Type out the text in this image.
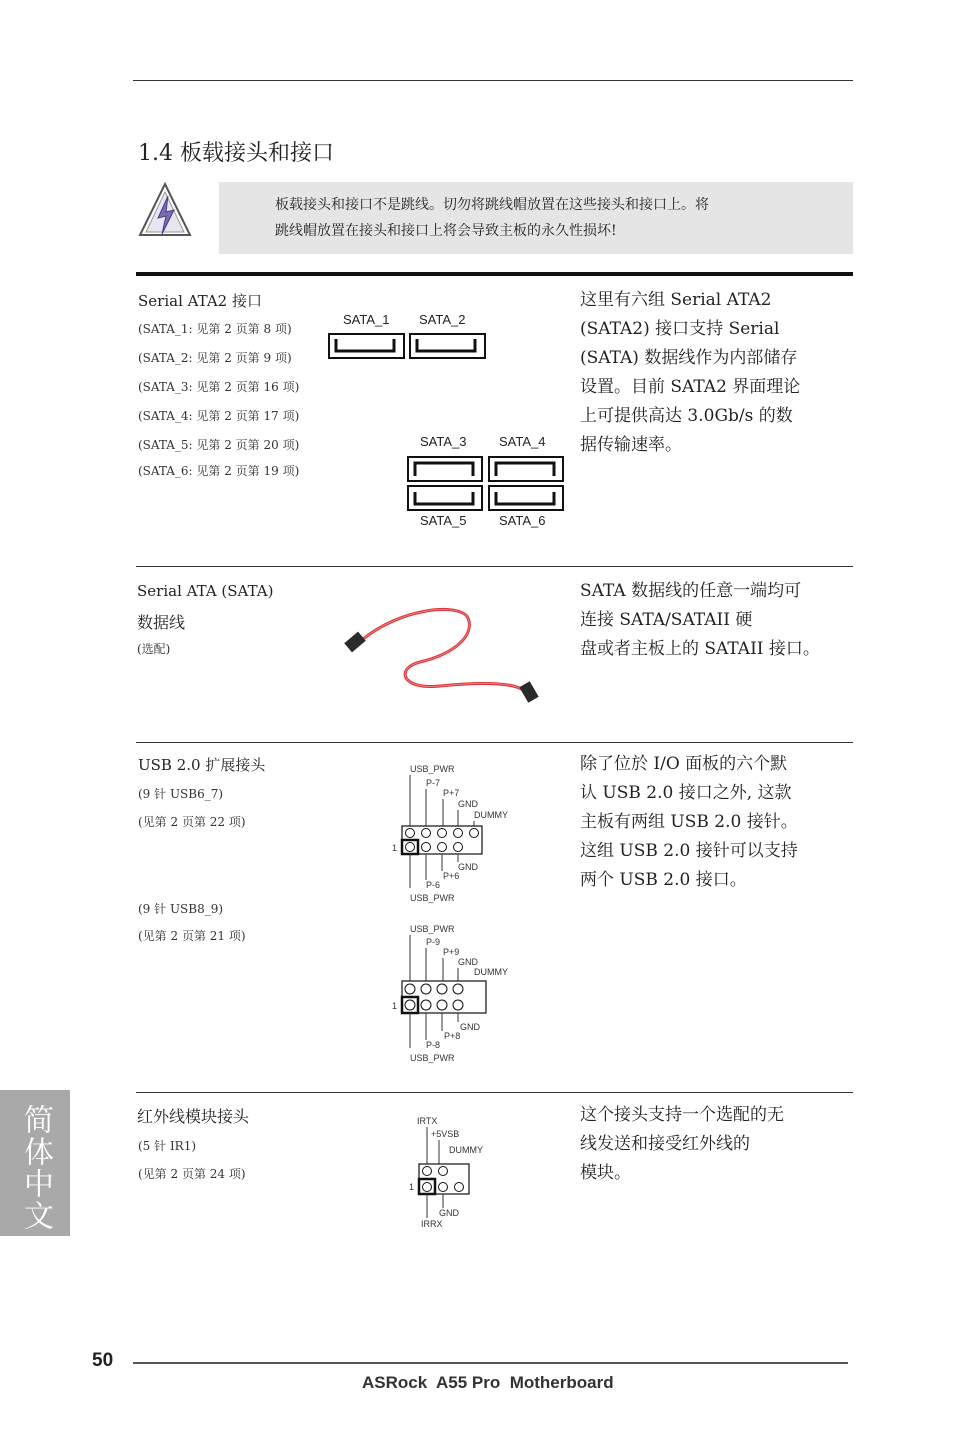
1.4 板载接头和接口
板载接头和接口不是跳线。切勿将跳线帽放置在这些接头和接口上。将
跳线帽放置在接头和接口上将会导致主板的永久性损坏!
Serial ATA2 接口
(SATA_1: 见第 2 页第 8 项)
(SATA_2: 见第 2 页第 9 项)
(SATA_3: 见第 2 页第 16 项)
(SATA_4: 见第 2 页第 17 项)
(SATA_5: 见第 2 页第 20 项)
(SATA_6: 见第 2 页第 19 项)
SATA_1 SATA_2
SATA_3	SATA_4
SATA_5	SATA_6
这里有六组 Serial ATA2
(SATA2) 接口支持 Serial
(SATA) 数据线作为内部储存
设置。目前 SATA2 界面理论
上可提供高达 3.0Gb/s 的数
据传输速率。
Serial ATA (SATA)
数据线
(选配)
SATA 数据线的任意一端均可
连接 SATA/SATAII 硬
盘或者主板上的 SATAII 接口。
USB 2.0 扩展接头
(9 针 USB6_7)
(见第 2 页第 22 项)
(9 针 USB8_9)
(见第 2 页第 21 项)
USB_PWR
P-7
P+7
GND
DUMMY
1
GND
P+6
P-6
USB_PWR
USB_PWR
P-9
P+9
GND
DUMMY
1
GND
P+8
P-8
USB_PWR
除了位於 I/O 面板的六个默
认 USB 2.0 接口之外, 这款
主板有两组 USB 2.0 接针。
这组 USB 2.0 接针可以支持
两个 USB 2.0 接口。
红外线模块接头
(5 针 IR1)
(见第 2 页第 24 项)
IRTX
+5VSB
DUMMY
1
GND
IRRX
这个接头支持一个选配的无
线发送和接受红外线的
模块。
简体中文
50
ASRock  A55 Pro  Motherboard
